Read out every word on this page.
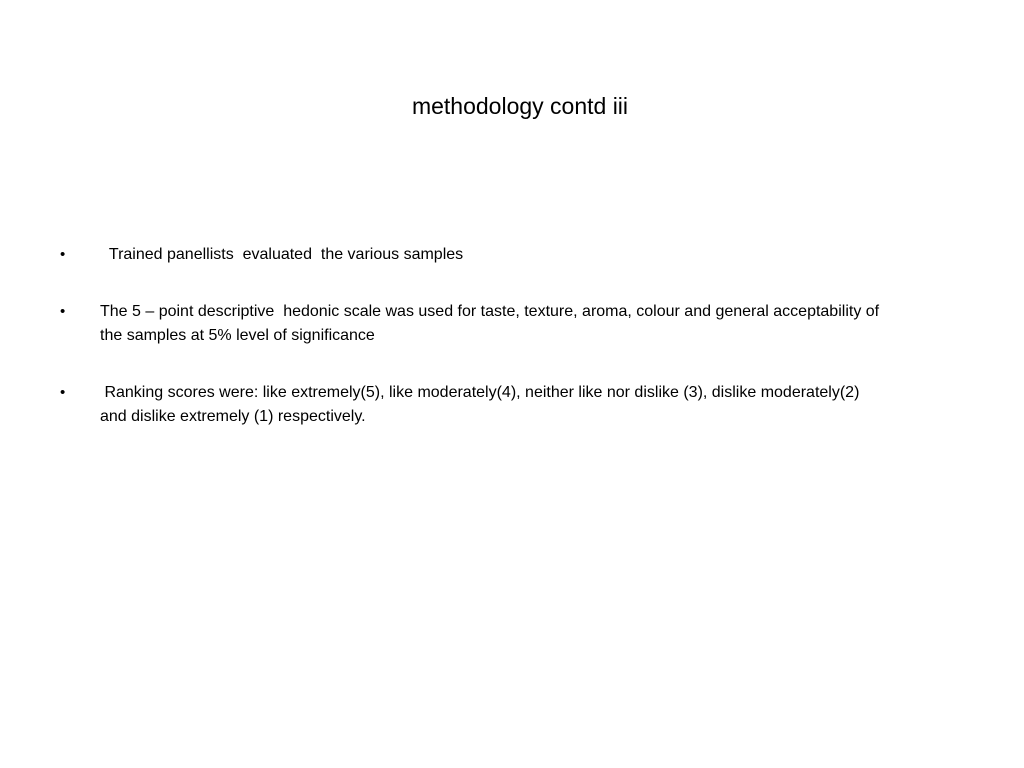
methodology contd iii
•	Trained panellists  evaluated  the various samples
•	The 5 – point descriptive  hedonic scale was used for taste, texture, aroma, colour and general acceptability of the samples at 5% level of significance
•	Ranking scores were: like extremely(5), like moderately(4), neither like nor dislike (3), dislike moderately(2) and dislike extremely (1) respectively.
